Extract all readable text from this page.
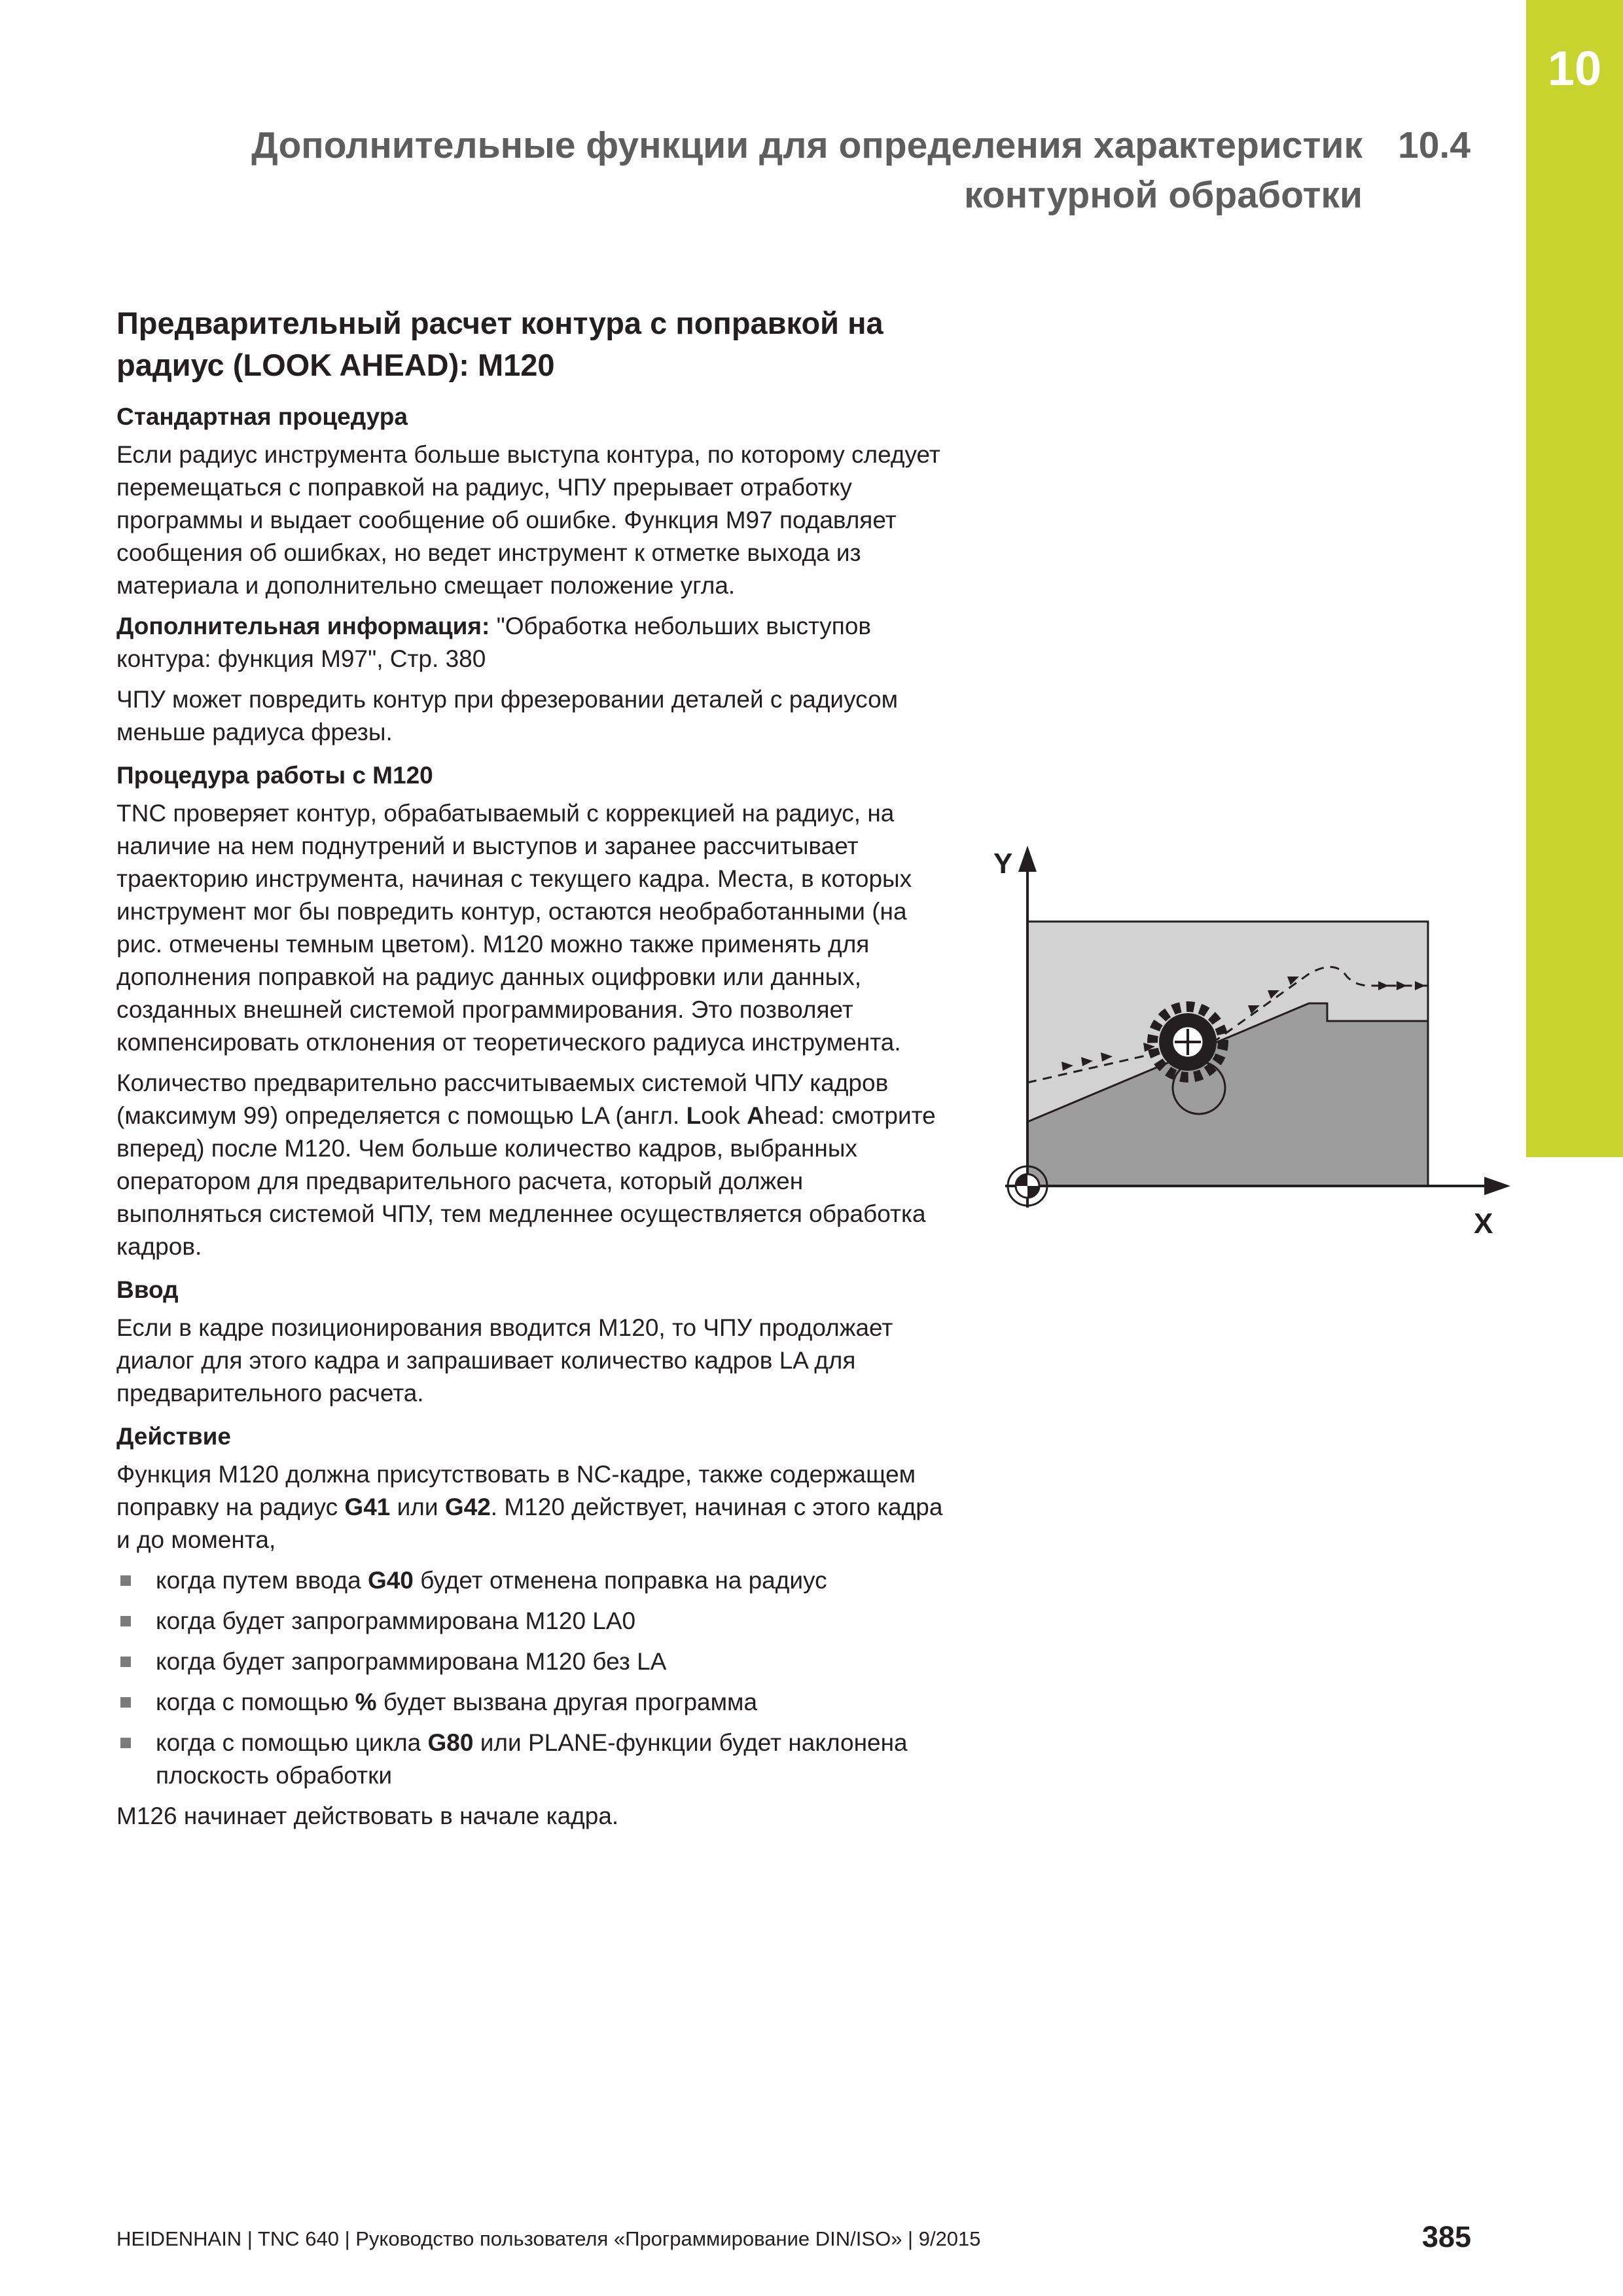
10
Дополнительные функции для определения характеристик
контурной обработки
10.4
Предварительный расчет контура с поправкой на
радиус (LOOK AHEAD): M120
Стандартная процедура

Если радиус инструмента больше выступа контура, по которому следует перемещаться с поправкой на радиус, ЧПУ прерывает отработку программы и выдает сообщение об ошибке. Функция M97 подавляет сообщения об ошибках, но ведет инструмент к отметке выхода из материала и дополнительно смещает положение угла.

Дополнительная информация: "Обработка небольших выступов контура: функция M97", Стр. 380

ЧПУ может повредить контур при фрезеровании деталей с радиусом меньше радиуса фрезы.

Процедура работы с M120

TNC проверяет контур, обрабатываемый с коррекцией на радиус, на наличие на нем поднутрений и выступов и заранее рассчитывает траекторию инструмента, начиная с текущего кадра. Места, в которых инструмент мог бы повредить контур, остаются необработанными (на рис. отмечены темным цветом). M120 можно также применять для дополнения поправкой на радиус данных оцифровки или данных, созданных внешней системой программирования. Это позволяет компенсировать отклонения от теоретического радиуса инструмента.

Количество предварительно рассчитываемых системой ЧПУ кадров (максимум 99) определяется с помощью LA (англ. Look Ahead: смотрите вперед) после M120. Чем больше количество кадров, выбранных оператором для предварительного расчета, который должен выполняться системой ЧПУ, тем медленнее осуществляется обработка кадров.

Ввод

Если в кадре позиционирования вводится M120, то ЧПУ продолжает диалог для этого кадра и запрашивает количество кадров LA для предварительного расчета.

Действие

Функция M120 должна присутствовать в NC-кадре, также содержащем поправку на радиус G41 или G42. M120 действует, начиная с этого кадра и до момента,

когда путем ввода G40 будет отменена поправка на радиус
когда будет запрограммирована M120 LA0
когда будет запрограммирована M120 без LA
когда с помощью % будет вызвана другая программа
когда с помощью цикла G80 или PLANE-функции будет наклонена плоскость обработки

M126 начинает действовать в начале кадра.

Y
X
HEIDENHAIN | TNC 640 | Руководство пользователя «Программирование DIN/ISO» | 9/2015	385
